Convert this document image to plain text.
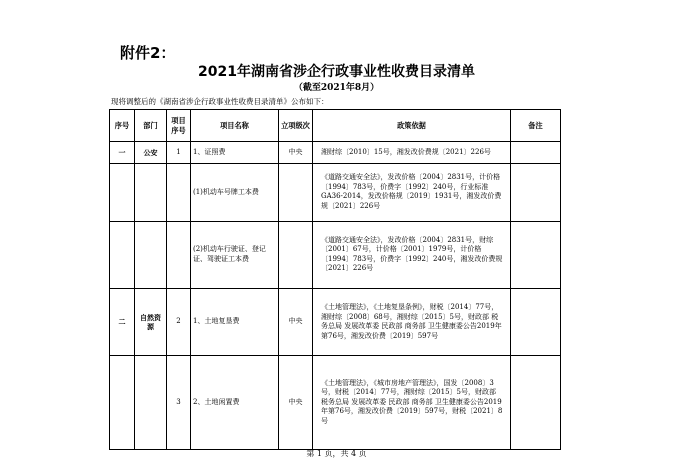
附件2：
2021年湖南省涉企行政事业性收费目录清单
（截至2021年8月）
现将调整后的《湖南省涉企行政事业性收费目录清单》公布如下：
序号	部门	项目序号	项目名称	立项级次	政策依据	备注
一	公安	1	1、证照费	中央	湘财综〔2010〕15号，湘发改价费规〔2021〕226号	
			(1)机动车号牌工本费		《道路交通安全法》，发改价格〔2004〕2831号，计价格〔1994〕783号，价费字〔1992〕240号，行业标准GA36-2014，发改价格规〔2019〕1931号，湘发改价费规〔2021〕226号	
			(2)机动车行驶证、登记证、驾驶证工本费		《道路交通安全法》，发改价格〔2004〕2831号，财综〔2001〕67号，计价格〔2001〕1979号，计价格〔1994〕783号，价费字〔1992〕240号，湘发改价费规〔2021〕226号	
二	自然资源	2	1、土地复垦费	中央	《土地管理法》，《土地复垦条例》，财税〔2014〕77号，湘财综〔2008〕68号，湘财综〔2015〕5号，财政部 税务总局 发展改革委 民政部 商务部 卫生健康委公告2019年第76号，湘发改价费〔2019〕597号	
		3	2、土地闲置费	中央	《土地管理法》，《城市房地产管理法》，国发〔2008〕3号，财税〔2014〕77号，湘财综〔2015〕5号，财政部 税务总局 发展改革委 民政部 商务部 卫生健康委公告2019年第76号，湘发改价费〔2019〕597号，财税〔2021〕8号	
第 1 页，共 4 页
